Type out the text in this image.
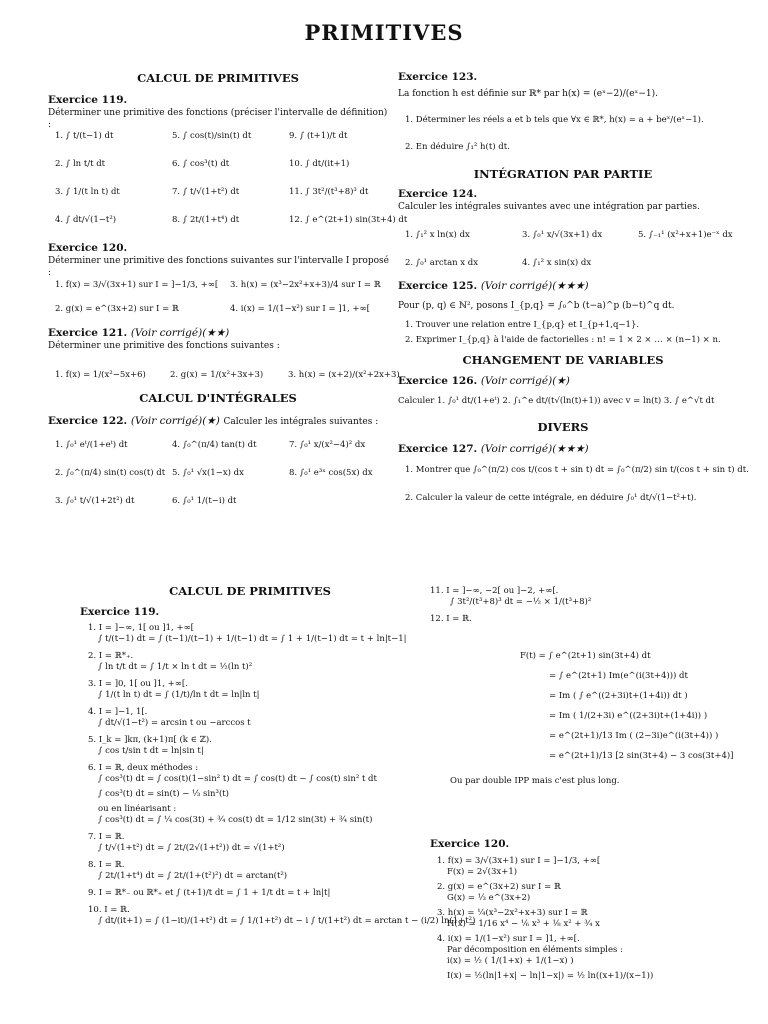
PRIMITIVES
CALCUL DE PRIMITIVES
Exercice 119.
Déterminer une primitive des fonctions (préciser l'intervalle de définition) :
1. ∫ t/(t−1) dt	5. ∫ cos(t)/sin(t) dt	9. ∫ (t+1)/t dt
2. ∫ ln t/t dt	6. ∫ cos³(t) dt	10. ∫ dt/(it+1)
3. ∫ 1/(t ln t) dt	7. ∫ t/√(1+t²) dt	11. ∫ 3t²/(t³+8)³ dt
4. ∫ dt/√(1−t²)	8. ∫ 2t/(1+t⁴) dt	12. ∫ e^(2t+1) sin(3t+4) dt
Exercice 120.
Déterminer une primitive des fonctions suivantes sur l'intervalle I proposé :
1. f(x) = 3/√(3x+1) sur I = ]−1/3, +∞[ 3. h(x) = (x³−2x²+x+3)/4 sur I = ℝ
2. g(x) = e^(3x+2) sur I = ℝ	4. i(x) = 1/(1−x²) sur I = ]1, +∞[
Exercice 121. (Voir corrigé)(★★)
Déterminer une primitive des fonctions suivantes :
1. f(x) = 1/(x²−5x+6)	2. g(x) = 1/(x²+3x+3)	3. h(x) = (x+2)/(x²+2x+3)
CALCUL D'INTÉGRALES
Exercice 122. (Voir corrigé)(★) Calculer les intégrales suivantes :
1. ∫₀¹ eᵗ/(1+eᵗ) dt	4. ∫₀^(π/4) tan(t) dt	7. ∫₀¹ x/(x²−4)² dx
2. ∫₀^(π/4) sin(t) cos(t) dt 5. ∫₀¹ √x(1−x) dx	8. ∫₀¹ e³ˣ cos(5x) dx
3. ∫₀¹ t/√(1+2t²) dt	6. ∫₀¹ 1/(t−i) dt
Exercice 123.
La fonction h est définie sur ℝ* par h(x) = (eˣ−2)/(eˣ−1).
1. Déterminer les réels a et b tels que ∀x ∈ ℝ*, h(x) = a + beˣ/(eˣ−1).
2. En déduire ∫₁² h(t) dt.
INTÉGRATION PAR PARTIE
Exercice 124.
Calculer les intégrales suivantes avec une intégration par parties.
1. ∫₁² x ln(x) dx	3. ∫₀¹ x/√(3x+1) dx	5. ∫₋₁¹ (x²+x+1)e⁻ˣ dx
2. ∫₀¹ arctan x dx	4. ∫₁² x sin(x) dx
Exercice 125. (Voir corrigé)(★★★)
Pour (p, q) ∈ ℕ², posons I_{p,q} = ∫₀^b (t−a)^p (b−t)^q dt.
1. Trouver une relation entre I_{p,q} et I_{p+1,q−1}.
2. Exprimer I_{p,q} à l'aide de factorielles : n! = 1 × 2 × … × (n−1) × n.
CHANGEMENT DE VARIABLES
Exercice 126. (Voir corrigé)(★)
Calculer 1. ∫₀¹ dt/(1+eᵗ) 2. ∫₁^e dt/(t√(ln(t)+1)) avec v = ln(t) 3. ∫ e^√t dt
DIVERS
Exercice 127. (Voir corrigé)(★★★)
1. Montrer que ∫₀^(π/2) cos t/(cos t + sin t) dt = ∫₀^(π/2) sin t/(cos t + sin t) dt.
2. Calculer la valeur de cette intégrale, en déduire ∫₀¹ dt/√(1−t²+t).
CALCUL DE PRIMITIVES
Exercice 119.
1. I = ]−∞, 1[ ou ]1, +∞[
∫ t/(t−1) dt = ∫ (t−1)/(t−1) + 1/(t−1) dt = ∫ 1 + 1/(t−1) dt = t + ln|t−1|
2. I = ℝ*₊.
∫ ln t/t dt = ∫ 1/t × ln t dt = ½(ln t)²
3. I = ]0, 1[ ou ]1, +∞[.
∫ 1/(t ln t) dt = ∫ (1/t)/ln t dt = ln|ln t|
4. I = ]−1, 1[.
∫ dt/√(1−t²) = arcsin t ou −arccos t
5. I_k = ]kπ, (k+1)π[ (k ∈ ℤ).
∫ cos t/sin t dt = ln|sin t|
6. I = ℝ, deux méthodes :
∫ cos³(t) dt = ∫ cos(t)(1−sin² t) dt = ∫ cos(t) dt − ∫ cos(t) sin² t dt
∫ cos³(t) dt = sin(t) − ⅓ sin³(t)
ou en linéarisant :
∫ cos³(t) dt = ∫ ¼ cos(3t) + ¾ cos(t) dt = 1/12 sin(3t) + ¾ sin(t)
7. I = ℝ.
∫ t/√(1+t²) dt = ∫ 2t/(2√(1+t²)) dt = √(1+t²)
8. I = ℝ.
∫ 2t/(1+t⁴) dt = ∫ 2t/(1+(t²)²) dt = arctan(t²)
9. I = ℝ*₋ ou ℝ*₊ et ∫ (t+1)/t dt = ∫ 1 + 1/t dt = t + ln|t|
10. I = ℝ.
∫ dt/(it+1) = ∫ (1−it)/(1+t²) dt = ∫ 1/(1+t²) dt − i ∫ t/(1+t²) dt = arctan t − (i/2) ln(1+t²)
11. I = ]−∞, −2[ ou ]−2, +∞[.
∫ 3t²/(t³+8)³ dt = −½ × 1/(t³+8)²
12. I = ℝ.
F(t) = ∫ e^(2t+1) sin(3t+4) dt
= ∫ e^(2t+1) Im(e^(i(3t+4))) dt
= Im ( ∫ e^((2+3i)t+(1+4i)) dt )
= Im ( 1/(2+3i) e^((2+3i)t+(1+4i)) )
= e^(2t+1)/13 Im ( (2−3i)e^(i(3t+4)) )
= e^(2t+1)/13 [2 sin(3t+4) − 3 cos(3t+4)]
Ou par double IPP mais c'est plus long.
Exercice 120.
1. f(x) = 3/√(3x+1) sur I = ]−1/3, +∞[
F(x) = 2√(3x+1)
2. g(x) = e^(3x+2) sur I = ℝ
G(x) = ⅓ e^(3x+2)
3. h(x) = ¼(x³−2x²+x+3) sur I = ℝ
H(x) = 1/16 x⁴ − ⅙ x³ + ⅛ x² + ¾ x
4. i(x) = 1/(1−x²) sur I = ]1, +∞[.
Par décomposition en éléments simples :
i(x) = ½ ( 1/(1+x) + 1/(1−x) )
I(x) = ½(ln|1+x| − ln|1−x|) = ½ ln((x+1)/(x−1))
